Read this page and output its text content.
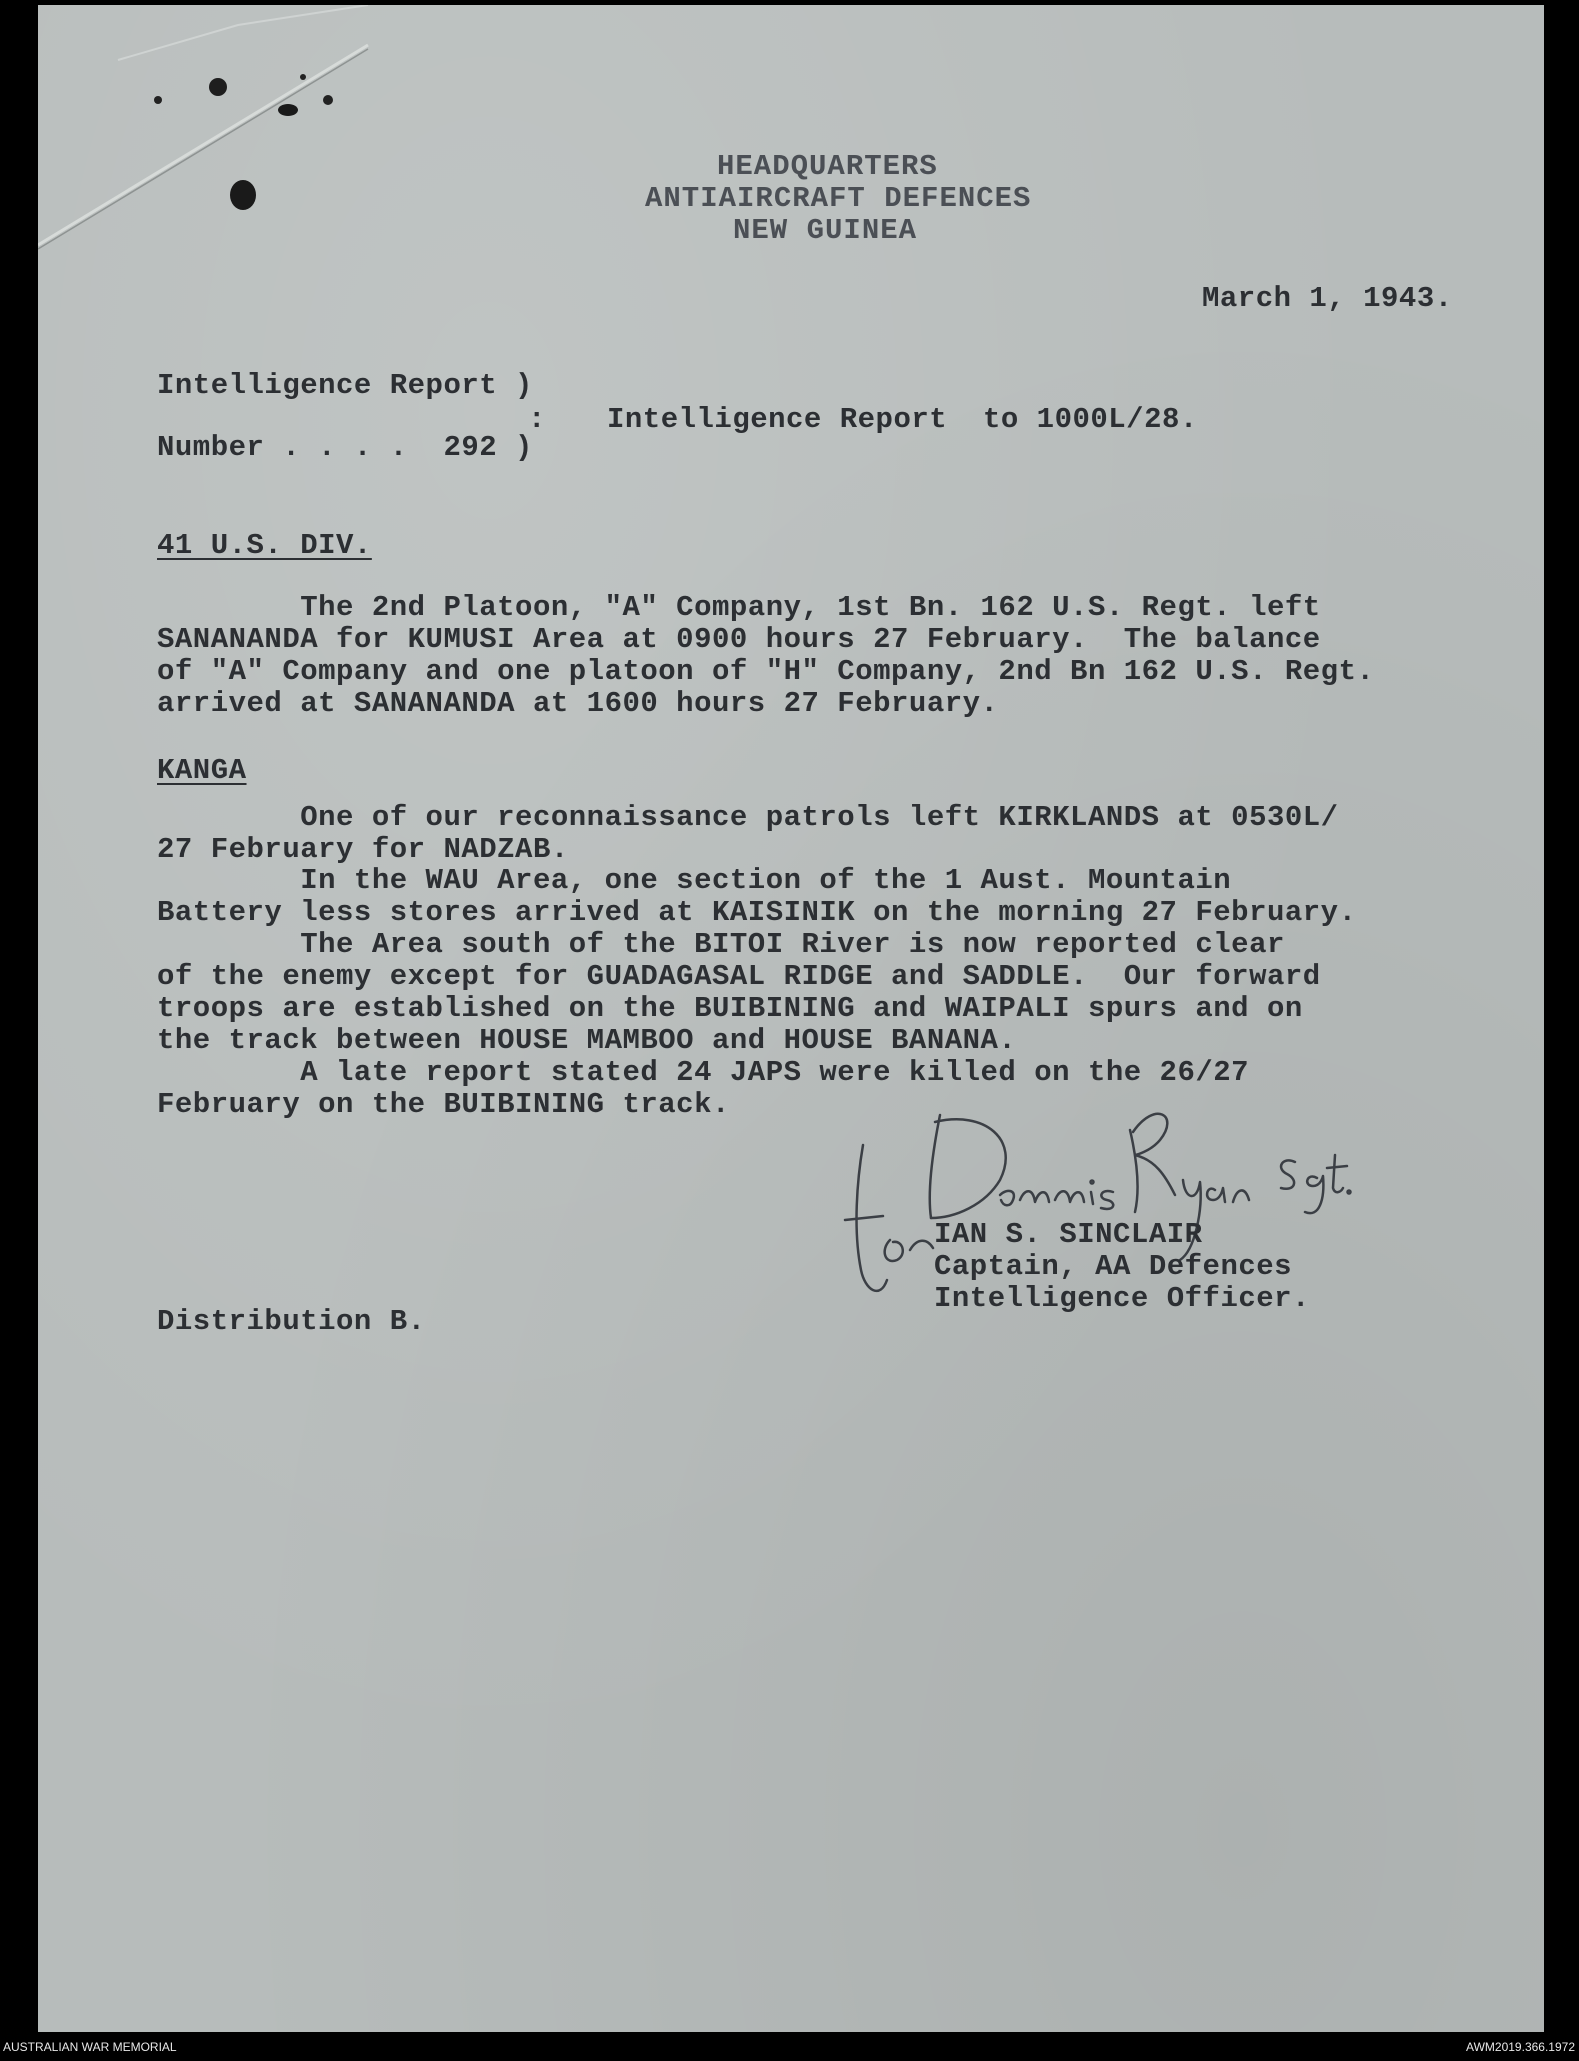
HEADQUARTERS
ANTIAIRCRAFT DEFENCES
NEW GUINEA
March 1, 1943.
Intelligence Report )
:
Number . . . .  292 )
Intelligence Report  to 1000L/28.
41 U.S. DIV.
The 2nd Platoon, "A" Company, 1st Bn. 162 U.S. Regt. left
SANANANDA for KUMUSI Area at 0900 hours 27 February.  The balance
of "A" Company and one platoon of "H" Company, 2nd Bn 162 U.S. Regt.
arrived at SANANANDA at 1600 hours 27 February.
KANGA
One of our reconnaissance patrols left KIRKLANDS at 0530L/
27 February for NADZAB.
In the WAU Area, one section of the 1 Aust. Mountain
Battery less stores arrived at KAISINIK on the morning 27 February.
The Area south of the BITOI River is now reported clear
of the enemy except for GUADAGASAL RIDGE and SADDLE.  Our forward
troops are established on the BUIBINING and WAIPALI spurs and on
the track between HOUSE MAMBOO and HOUSE BANANA.
A late report stated 24 JAPS were killed on the 26/27
February on the BUIBINING track.
IAN S. SINCLAIR
Captain, AA Defences
Intelligence Officer.
Distribution B.
AUSTRALIAN WAR MEMORIAL	AWM2019.366.1972
